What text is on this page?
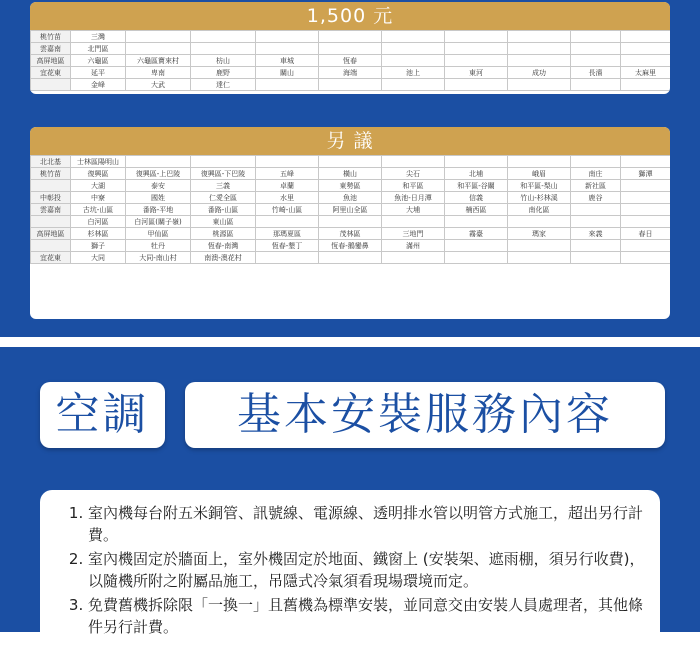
1,500 元
桃竹苗	三灣									
雲嘉南	北門區									
高屏地區	六龜區	六龜區寶來村	枋山	車城	恆春					
宜花東	延平	卑南	鹿野	關山	海端	池上	東河	成功	長濱	太麻里
	金峰	大武	達仁							
另 議
北北基	士林區陽明山									
桃竹苗	復興區	復興區-上巴陵	復興區-下巴陵	五峰	橫山	尖石	北埔	峨眉	南庄	獅潭
	大湖	泰安	三義	卓蘭	東勢區	和平區	和平區-谷關	和平區-梨山	新社區	
中彰投	中寮	國姓	仁愛全區	水里	魚池	魚池-日月潭	信義	竹山-杉林溪	鹿谷	
雲嘉南	古坑-山區	番路-平地	番路-山區	竹崎-山區	阿里山全區	大埔	楠西區	南化區		
	白河區	白河區(關子嶺)	東山區							
高屏地區	杉林區	甲仙區	桃源區	那瑪夏區	茂林區	三地門	霧臺	瑪家	來義	春日
	獅子	牡丹	恆春-南灣	恆春-墾丁	恆春-鵝鑾鼻	滿州				
宜花東	大同	大同-南山村	南澳-澳花村							
以上金額運費將視運送狀況評估調整，本司含保留修改之權利。
空調	基本安裝服務內容
1. 室內機每台附五米銅管、訊號線、電源線、透明排水管以明管方式施工，超出另行計費。
2. 室內機固定於牆面上，室外機固定於地面、鐵窗上 (安裝架、遮雨棚，須另行收費)，以隨機所附之附屬品施工，吊隱式冷氣須看現場環境而定。
3. 免費舊機拆除限「一換一」且舊機為標準安裝，並同意交由安裝人員處理者，其他條件另行計費。
